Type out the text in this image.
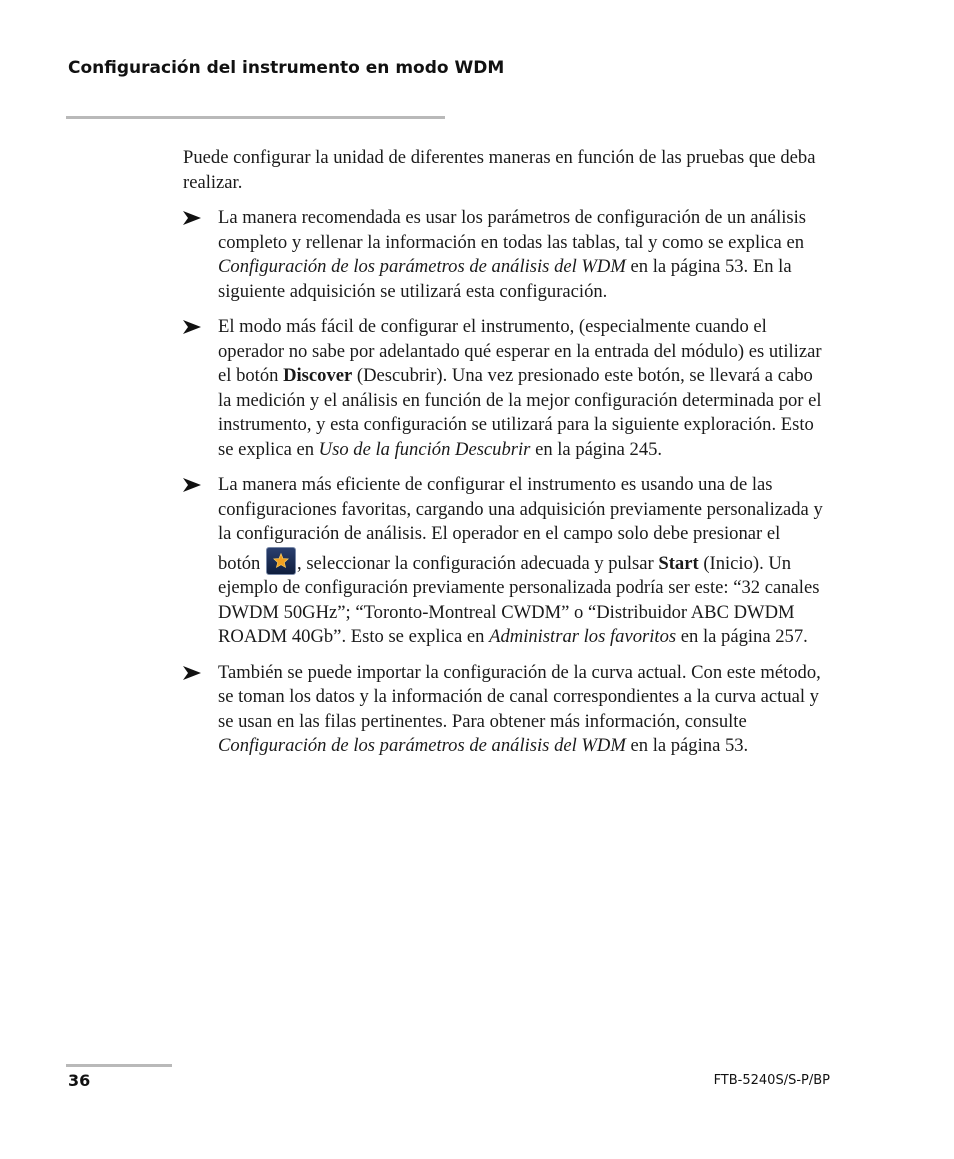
Configuración del instrumento en modo WDM

Puede configurar la unidad de diferentes maneras en función de las pruebas que deba realizar.

La manera recomendada es usar los parámetros de configuración de un análisis completo y rellenar la información en todas las tablas, tal y como se explica en Configuración de los parámetros de análisis del WDM en la página 53. En la siguiente adquisición se utilizará esta configuración.
El modo más fácil de configurar el instrumento, (especialmente cuando el operador no sabe por adelantado qué esperar en la entrada del módulo) es utilizar el botón Discover (Descubrir). Una vez presionado este botón, se llevará a cabo la medición y el análisis en función de la mejor configuración determinada por el instrumento, y esta configuración se utilizará para la siguiente exploración. Esto se explica en Uso de la función Descubrir en la página 245.
La manera más eficiente de configurar el instrumento es usando una de las configuraciones favoritas, cargando una adquisición previamente personalizada y la configuración de análisis. El operador en el campo solo debe presionar el botón
, seleccionar la configuración adecuada y pulsar Start (Inicio). Un ejemplo de configuración previamente personalizada podría ser este: “32 canales DWDM 50GHz”; “Toronto-Montreal CWDM” o “Distribuidor ABC DWDM ROADM 40Gb”. Esto se explica en Administrar los favoritos en la página 257.
También se puede importar la configuración de la curva actual. Con este método, se toman los datos y la información de canal correspondientes a la curva actual y se usan en las filas pertinentes. Para obtener más información, consulte Configuración de los parámetros de análisis del WDM en la página 53.
36	FTB-5240S/S-P/BP
